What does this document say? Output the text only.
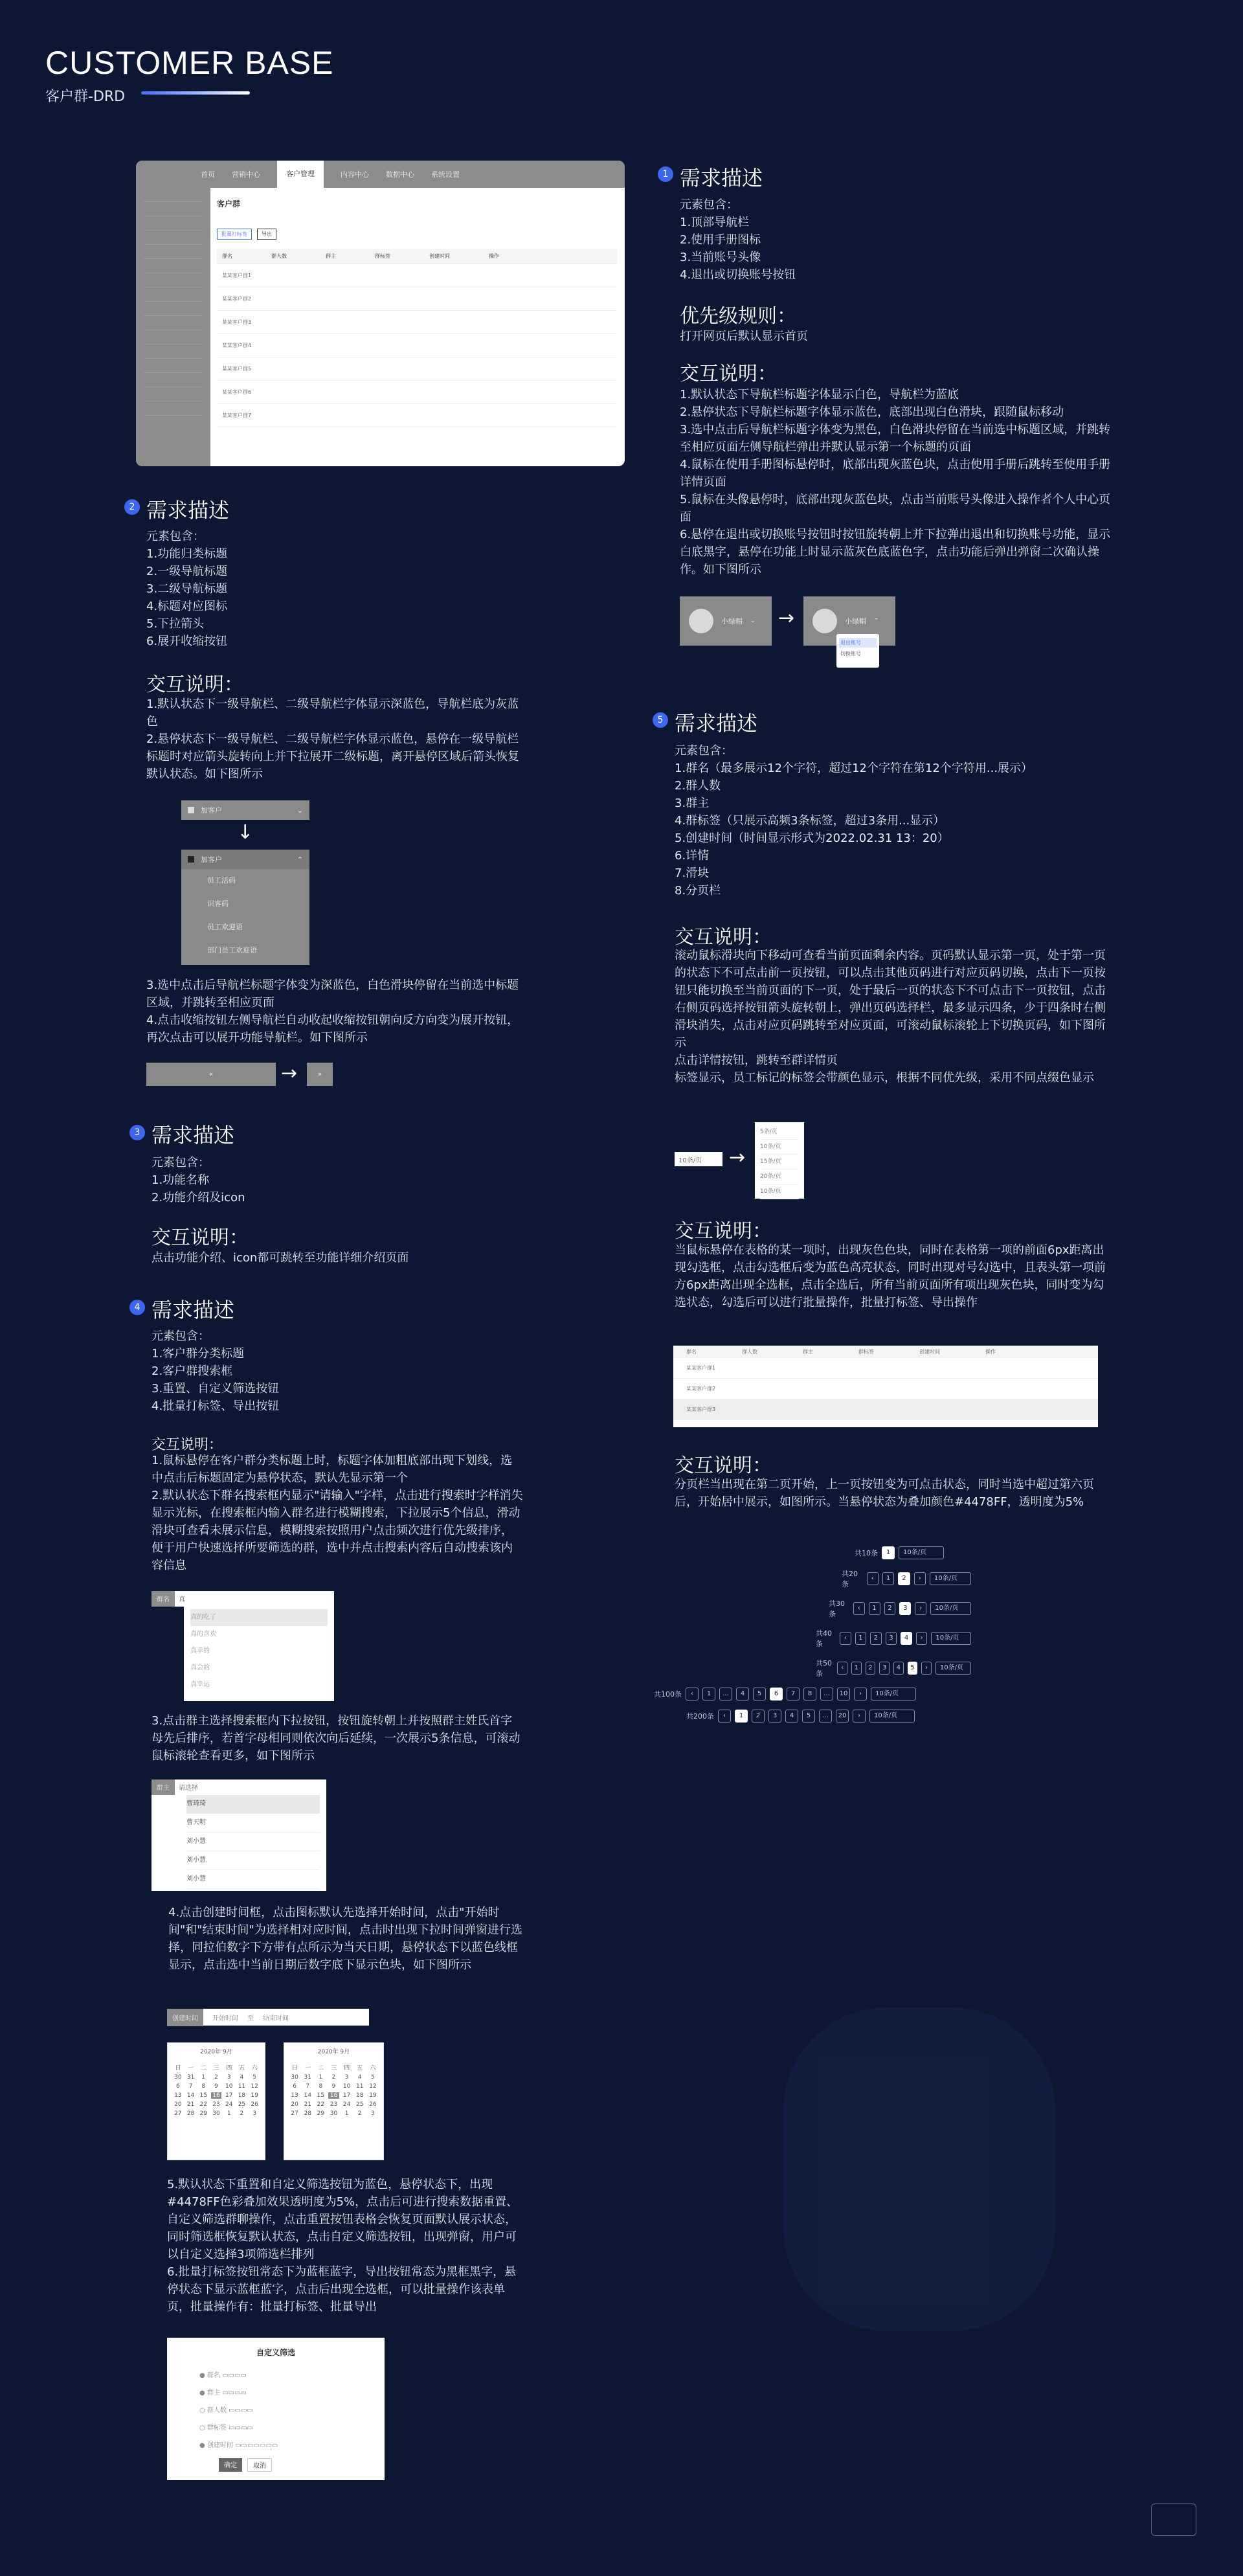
CUSTOMER BASE
客户群-DRD
首页 营销中心	客户管理	内容中心 数据中心 系统设置
客户群
批量打标签	导出
群名	群人数	群主	群标签	创建时间	操作
某某客户群1
某某客户群2
某某客户群3
某某客户群4
某某客户群5
某某客户群6
某某客户群7
1 需求描述
元素包含：
1.顶部导航栏
2.使用手册图标
3.当前账号头像
4.退出或切换账号按钮
优先级规则：
打开网页后默认显示首页
交互说明：
1.默认状态下导航栏标题字体显示白色，导航栏为蓝底
2.悬停状态下导航栏标题字体显示蓝色，底部出现白色滑块，跟随鼠标移动
3.选中点击后导航栏标题字体变为黑色，白色滑块停留在当前选中标题区域，并跳转至相应页面左侧导航栏弹出并默认显示第一个标题的页面
4.鼠标在使用手册图标悬停时，底部出现灰蓝色块，点击使用手册后跳转至使用手册详情页面
5.鼠标在头像悬停时，底部出现灰蓝色块，点击当前账号头像进入操作者个人中心页面
6.悬停在退出或切换账号按钮时按钮旋转朝上并下拉弹出退出和切换账号功能，显示白底黑字，悬停在功能上时显示蓝灰色底蓝色字，点击功能后弹出弹窗二次确认操作。如下图所示
小绿帽 ⌄ →	小绿帽 ⌃
退出账号
切换账号
2 需求描述
元素包含：
1.功能归类标题
2.一级导航标题
3.二级导航标题
4.标题对应图标
5.下拉箭头
6.展开收缩按钮
交互说明：
1.默认状态下一级导航栏、二级导航栏字体显示深蓝色，导航栏底为灰蓝色
2.悬停状态下一级导航栏、二级导航栏字体显示蓝色，悬停在一级导航栏标题时对应箭头旋转向上并下拉展开二级标题，离开悬停区域后箭头恢复默认状态。如下图所示
加客户	⌄
↓
加客户	⌃
员工活码
识客码
员工欢迎语
部门员工欢迎语
3.选中点击后导航栏标题字体变为深蓝色，白色滑块停留在当前选中标题区域，并跳转至相应页面
4.点击收缩按钮左侧导航栏自动收起收缩按钮朝向反方向变为展开按钮，再次点击可以展开功能导航栏。如下图所示
«	→	»
3 需求描述
元素包含：
1.功能名称
2.功能介绍及icon
交互说明：
点击功能介绍、icon都可跳转至功能详细介绍页面
4 需求描述
元素包含：
1.客户群分类标题
2.客户群搜索框
3.重置、自定义筛选按钮
4.批量打标签、导出按钮
交互说明：
1.鼠标悬停在客户群分类标题上时，标题字体加粗底部出现下划线，选中点击后标题固定为悬停状态，默认先显示第一个
2.默认状态下群名搜索框内显示"请输入"字样，点击进行搜索时字样消失显示光标，在搜索框内输入群名进行模糊搜索，下拉展示5个信息，滑动滑块可查看未展示信息，模糊搜索按照用户点击频次进行优先级排序，便于用户快速选择所要筛选的群，选中并点击搜索内容后自动搜索该内容信息
群名	真
真的吃了
真的喜欢
真幸的
真会的
真幸运
3.点击群主选择搜索框内下拉按钮，按钮旋转朝上并按照群主姓氏首字母先后排序，若首字母相同则依次向后延续，一次展示5条信息，可滚动鼠标滚轮查看更多，如下图所示
群主	请选择
曹琦琦
曹天明
刘小慧
刘小慧
刘小慧
4.点击创建时间框，点击图标默认先选择开始时间，点击"开始时间"和"结束时间"为选择相对应时间，点击时出现下拉时间弹窗进行选择，同拉伯数字下方带有点所示为当天日期，悬停状态下以蓝色线框显示，点击选中当前日期后数字底下显示色块，如下图所示
创建时间	开始时间	至	结束时间
2020年 9月
日	一	二	三	四	五	六
30 31	1	2	3	4	5
6	7	8	9	10 11 12
13 14 15 16 17 18 19
20 21 22 23 24 25 26
27 28 29 30	1	2	3
2020年 9月
日	一	二	三	四	五	六
30 31	1	2	3	4	5
6	7	8	9	10 11 12
13 14 15 16 17 18 19
20 21 22 23 24 25 26
27 28 29 30	1	2	3
5.默认状态下重置和自定义筛选按钮为蓝色，悬停状态下，出现#4478FF色彩叠加效果透明度为5%，点击后可进行搜索数据重置、自定义筛选群聊操作，点击重置按钮表格会恢复页面默认展示状态，同时筛选框恢复默认状态，点击自定义筛选按钮，出现弹窗，用户可以自定义选择3项筛选栏排列
6.批量打标签按钮常态下为蓝框蓝字，导出按钮常态为黑框黑字，悬停状态下显示蓝框蓝字，点击后出现全选框，可以批量操作该表单页，批量操作有：批量打标签、批量导出
自定义筛选
● 群名 ▭▭▭▭
● 群主 ▭▭▭▭
○ 群人数 ▭▭▭▭
○ 群标签 ▭▭▭▭
● 创建时间 ▭▭▭▭▭▭▭
确定	取消
5 需求描述
元素包含：
1.群名（最多展示12个字符，超过12个字符在第12个字符用...展示）
2.群人数
3.群主
4.群标签（只展示高频3条标签，超过3条用...显示）
5.创建时间（时间显示形式为2022.02.31 13：20）
6.详情
7.滑块
8.分页栏
交互说明：
滚动鼠标滑块向下移动可查看当前页面剩余内容。页码默认显示第一页，处于第一页的状态下不可点击前一页按钮，可以点击其他页码进行对应页码切换，点击下一页按钮只能切换至当前页面的下一页，处于最后一页的状态下不可点击下一页按钮，点击右侧页码选择按钮箭头旋转朝上，弹出页码选择栏，最多显示四条，少于四条时右侧滑块消失，点击对应页码跳转至对应页面，可滚动鼠标滚轮上下切换页码，如下图所示
点击详情按钮，跳转至群详情页
标签显示，员工标记的标签会带颜色显示，根据不同优先级，采用不同点缀色显示
10条/页	→
5条/页
10条/页
15条/页
20条/页
10条/页
交互说明：
当鼠标悬停在表格的某一项时，出现灰色色块，同时在表格第一项的前面6px距离出现勾选框，点击勾选框后变为蓝色高亮状态，同时出现对号勾选中，且表头第一项前方6px距离出现全选框，点击全选后，所有当前页面所有项出现灰色块，同时变为勾选状态，勾选后可以进行批量操作，批量打标签、导出操作
群名	群人数	群主	群标签	创建时间	操作
某某客户群1
某某客户群2
某某客户群3
交互说明：
分页栏当出现在第二页开始，上一页按钮变为可点击状态，同时当选中超过第六页后，开始居中展示，如图所示。当悬停状态为叠加颜色#4478FF，透明度为5%
共10条	1	10条/页
共20条
‹	1	2	›	10条/页
共30条
‹	1	2	3	›	10条/页
共40条
‹	1	2	3	4	›	10条/页
共50条
‹	1	2	3	4	5	›	10条/页
共100条	‹	1	...	4	5	6	7	8	...	10	›	10条/页
共200条	‹	1	2	3	4	5	...	20	›	10条/页
